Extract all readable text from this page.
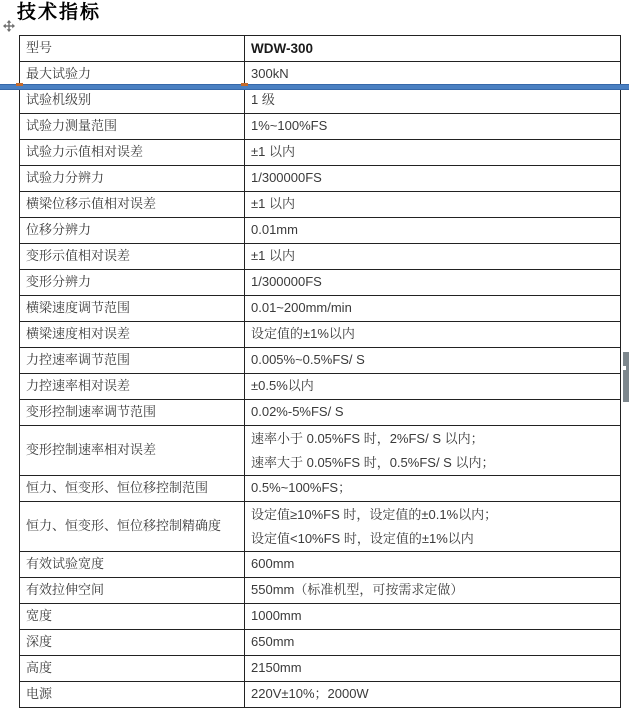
技术指标
型号	WDW-300
最大试验力	300kN
试验机级别	1 级
试验力测量范围	1%~100%FS
试验力示值相对误差	±1 以内
试验力分辨力	1/300000FS
横梁位移示值相对误差	±1 以内
位移分辨力	0.01mm
变形示值相对误差	±1 以内
变形分辨力	1/300000FS
横梁速度调节范围	0.01~200mm/min
横梁速度相对误差	设定值的±1%以内
力控速率调节范围	0.005%~0.5%FS/ S
力控速率相对误差	±0.5%以内
变形控制速率调节范围	0.02%-5%FS/ S
变形控制速率相对误差	速率小于 0.05%FS 时，2%FS/ S 以内；
速率大于 0.05%FS 时，0.5%FS/ S 以内；

恒力、恒变形、恒位移控制范围	0.5%~100%FS；
恒力、恒变形、恒位移控制精确度	设定值≥10%FS 时，设定值的±0.1%以内；
设定值<10%FS 时，设定值的±1%以内

有效试验宽度	600mm
有效拉伸空间	550mm（标准机型，可按需求定做）
宽度	1000mm
深度	650mm
高度	2150mm
电源	220V±10%；2000W
